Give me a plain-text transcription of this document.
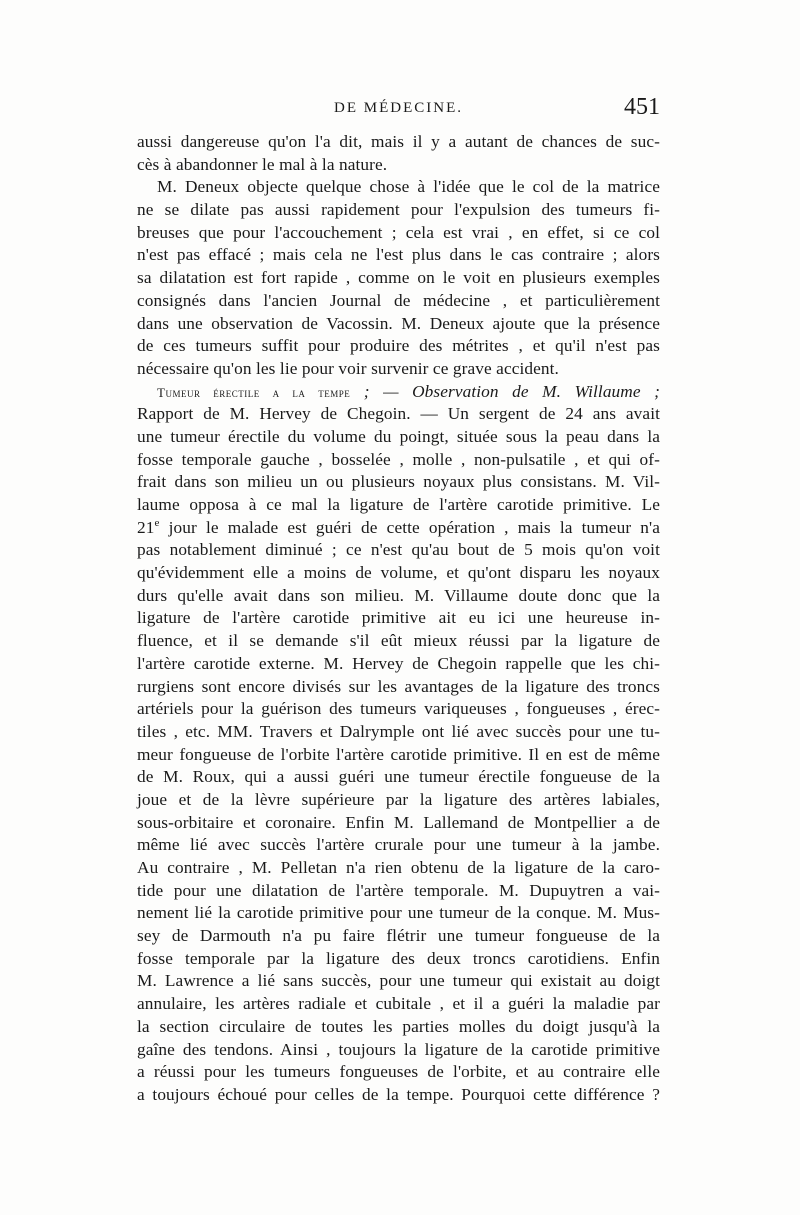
DE MÉDECINE.	451
aussi dangereuse qu'on l'a dit, mais il y a autant de chances de suc-
cès à abandonner le mal à la nature.
M. Deneux objecte quelque chose à l'idée que le col de la matrice
ne se dilate pas aussi rapidement pour l'expulsion des tumeurs fi-
breuses que pour l'accouchement ; cela est vrai , en effet, si ce col
n'est pas effacé ; mais cela ne l'est plus dans le cas contraire ; alors
sa dilatation est fort rapide , comme on le voit en plusieurs exemples
consignés dans l'ancien Journal de médecine , et particulièrement
dans une observation de Vacossin. M. Deneux ajoute que la présence
de ces tumeurs suffit pour produire des métrites , et qu'il n'est pas
nécessaire qu'on les lie pour voir survenir ce grave accident.
Tumeur érectile a la tempe ; — Observation de M. Willaume ;
Rapport de M. Hervey de Chegoin. — Un sergent de 24 ans avait
une tumeur érectile du volume du poingt, située sous la peau dans la
fosse temporale gauche , bosselée , molle , non-pulsatile , et qui of-
frait dans son milieu un ou plusieurs noyaux plus consistans. M. Vil-
laume opposa à ce mal la ligature de l'artère carotide primitive. Le
21e jour le malade est guéri de cette opération , mais la tumeur n'a
pas notablement diminué ; ce n'est qu'au bout de 5 mois qu'on voit
qu'évidemment elle a moins de volume, et qu'ont disparu les noyaux
durs qu'elle avait dans son milieu. M. Villaume doute donc que la
ligature de l'artère carotide primitive ait eu ici une heureuse in-
fluence, et il se demande s'il eût mieux réussi par la ligature de
l'artère carotide externe. M. Hervey de Chegoin rappelle que les chi-
rurgiens sont encore divisés sur les avantages de la ligature des troncs
artériels pour la guérison des tumeurs variqueuses , fongueuses , érec-
tiles , etc. MM. Travers et Dalrymple ont lié avec succès pour une tu-
meur fongueuse de l'orbite l'artère carotide primitive. Il en est de même
de M. Roux, qui a aussi guéri une tumeur érectile fongueuse de la
joue et de la lèvre supérieure par la ligature des artères labiales,
sous-orbitaire et coronaire. Enfin M. Lallemand de Montpellier a de
même lié avec succès l'artère crurale pour une tumeur à la jambe.
Au contraire , M. Pelletan n'a rien obtenu de la ligature de la caro-
tide pour une dilatation de l'artère temporale. M. Dupuytren a vai-
nement lié la carotide primitive pour une tumeur de la conque. M. Mus-
sey de Darmouth n'a pu faire flétrir une tumeur fongueuse de la
fosse temporale par la ligature des deux troncs carotidiens. Enfin
M. Lawrence a lié sans succès, pour une tumeur qui existait au doigt
annulaire, les artères radiale et cubitale , et il a guéri la maladie par
la section circulaire de toutes les parties molles du doigt jusqu'à la
gaîne des tendons. Ainsi , toujours la ligature de la carotide primitive
a réussi pour les tumeurs fongueuses de l'orbite, et au contraire elle
a toujours échoué pour celles de la tempe. Pourquoi cette différence ?
